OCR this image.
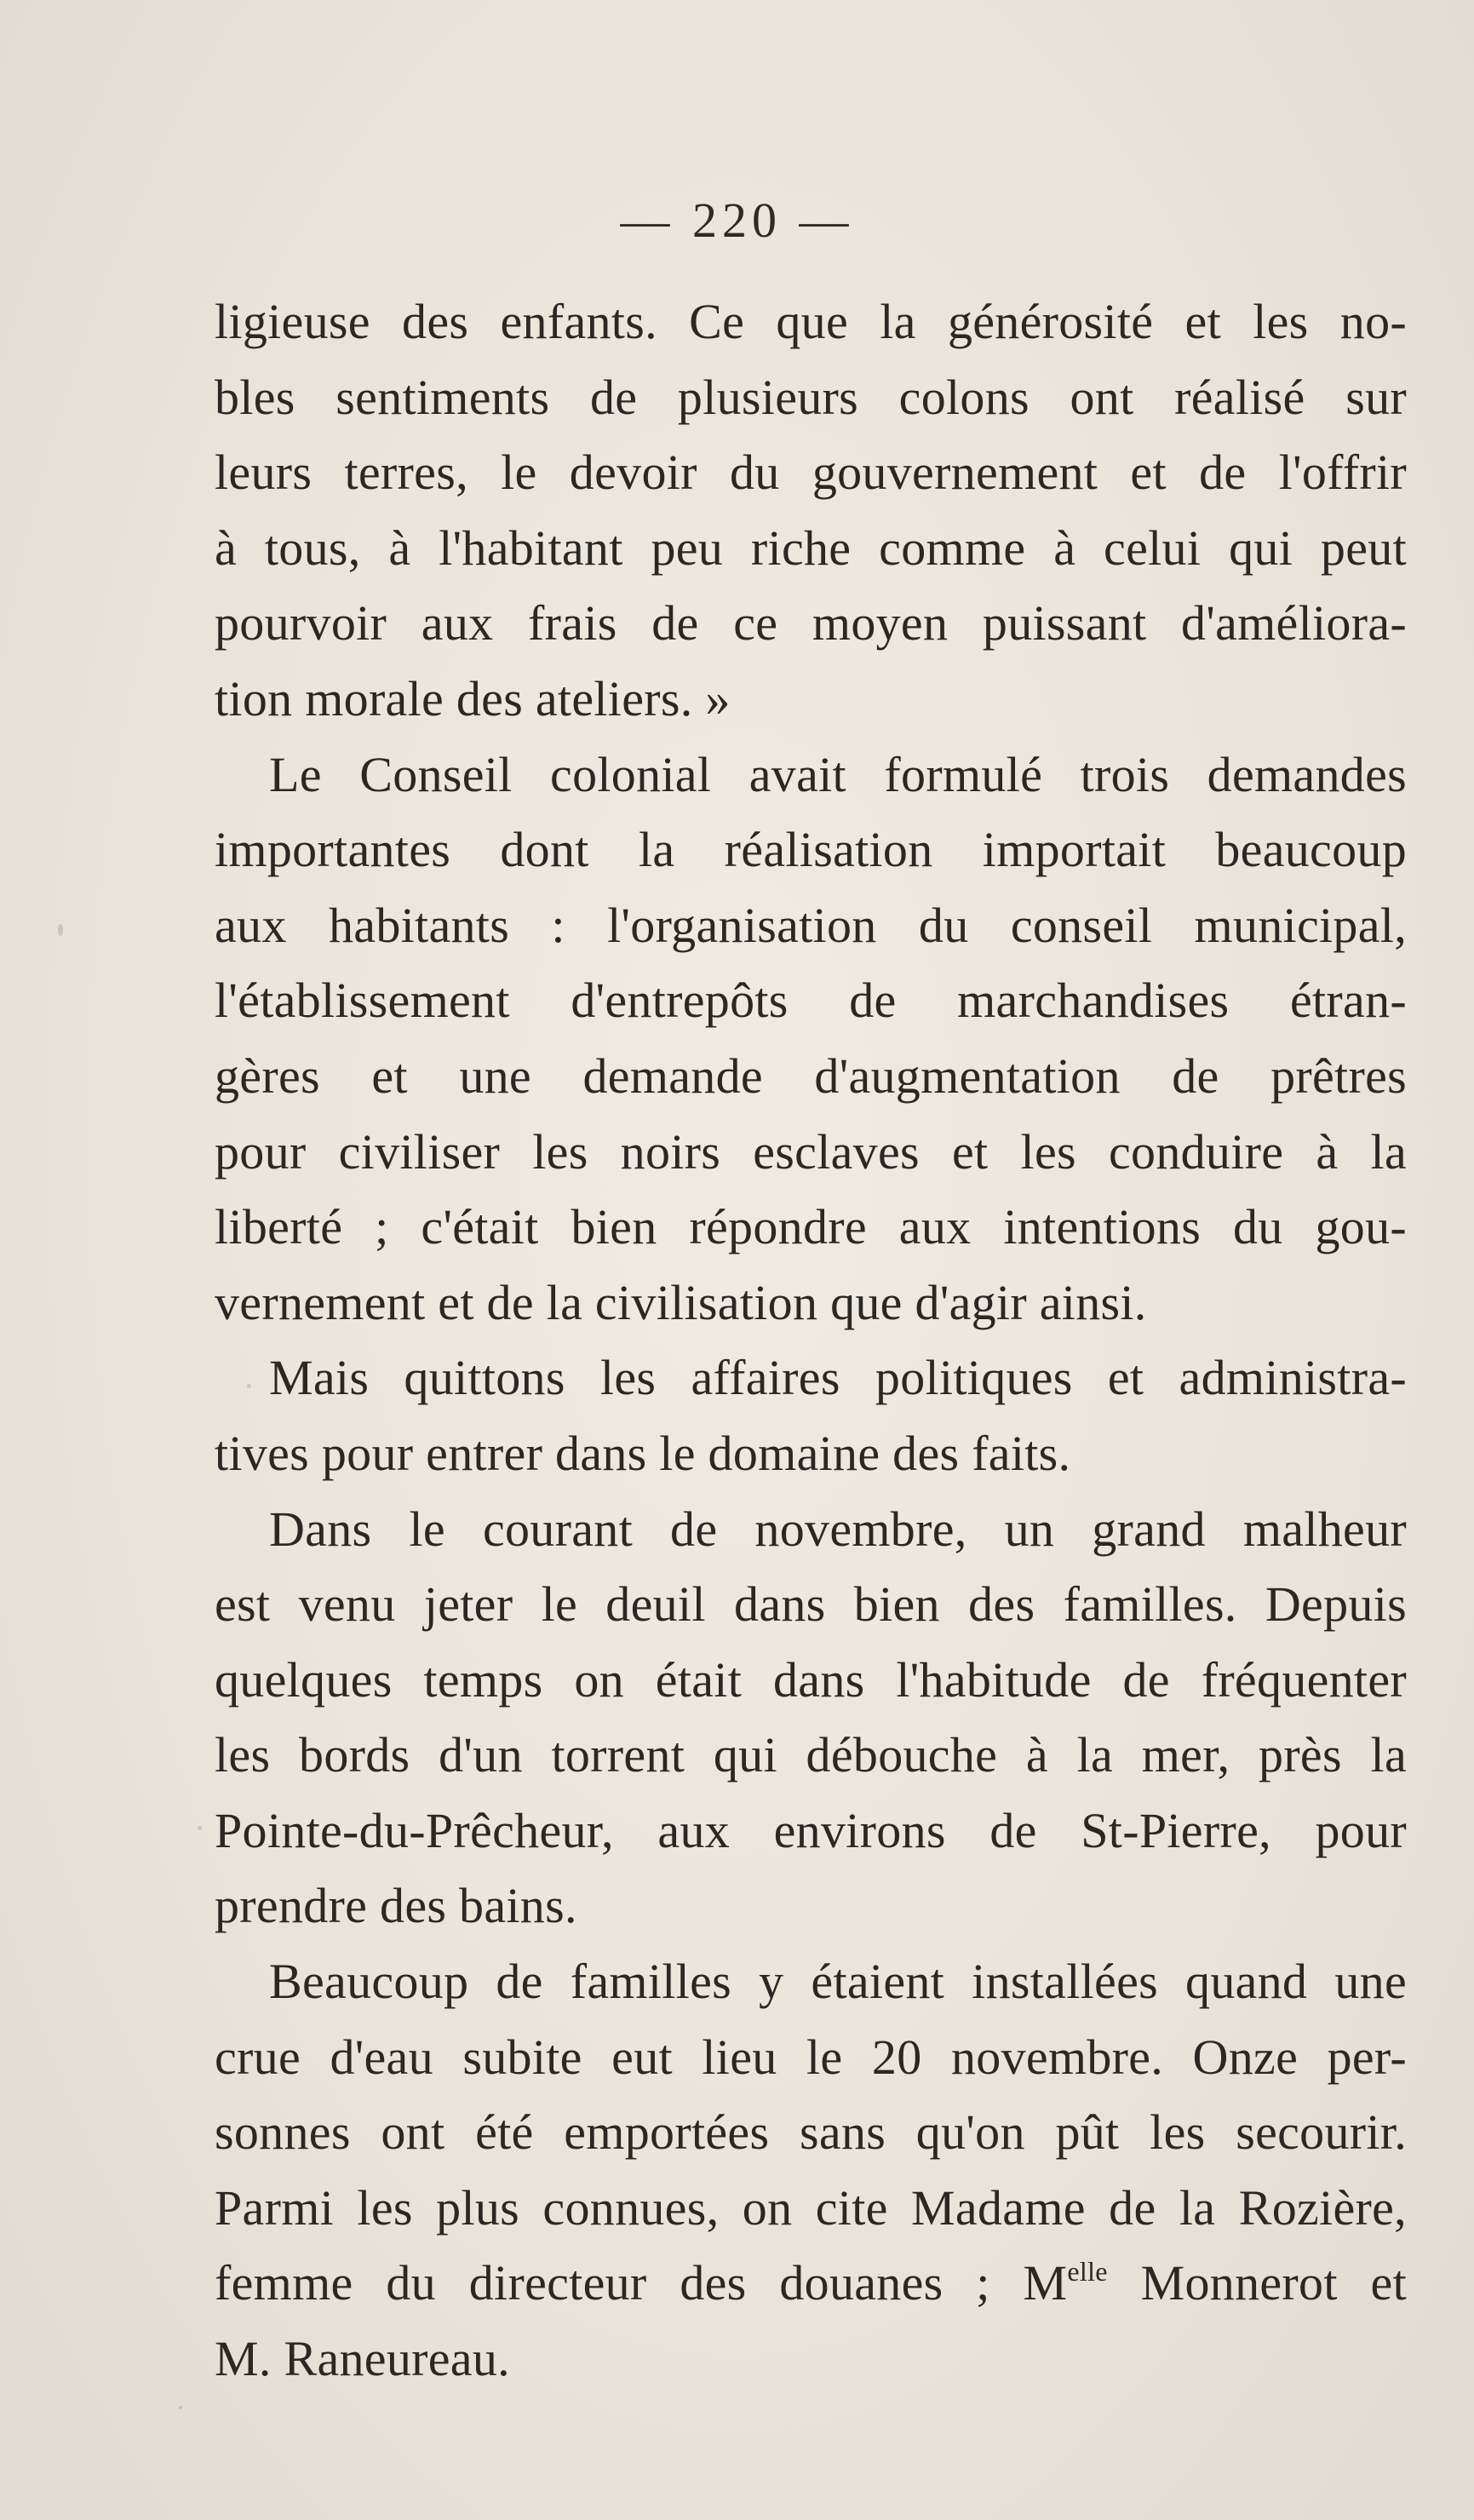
— 220 —
ligieuse des enfants. Ce que la générosité et les no-
bles sentiments de plusieurs colons ont réalisé sur
leurs terres, le devoir du gouvernement et de l'offrir
à tous, à l'habitant peu riche comme à celui qui peut
pourvoir aux frais de ce moyen puissant d'améliora-
tion morale des ateliers. »
Le Conseil colonial avait formulé trois demandes
importantes dont la réalisation importait beaucoup
aux habitants : l'organisation du conseil municipal,
l'établissement d'entrepôts de marchandises étran-
gères et une demande d'augmentation de prêtres
pour civiliser les noirs esclaves et les conduire à la
liberté ; c'était bien répondre aux intentions du gou-
vernement et de la civilisation que d'agir ainsi.
Mais quittons les affaires politiques et administra-
tives pour entrer dans le domaine des faits.
Dans le courant de novembre, un grand malheur
est venu jeter le deuil dans bien des familles. Depuis
quelques temps on était dans l'habitude de fréquenter
les bords d'un torrent qui débouche à la mer, près la
Pointe-du-Prêcheur, aux environs de St-Pierre, pour
prendre des bains.
Beaucoup de familles y étaient installées quand une
crue d'eau subite eut lieu le 20 novembre. Onze per-
sonnes ont été emportées sans qu'on pût les secourir.
Parmi les plus connues, on cite Madame de la Rozière,
femme du directeur des douanes ; $M^{elle}$ Monnerot et
M. Raneureau.
